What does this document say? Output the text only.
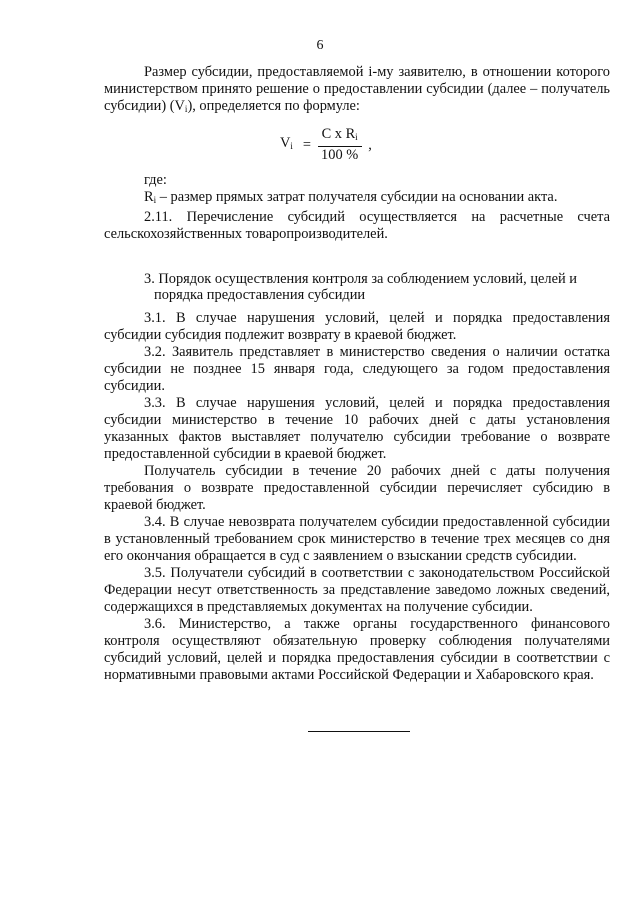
6

Размер субсидии, предоставляемой i-му заявителю, в отношении которого министерством принято решение о предоставлении субсидии (далее – получатель субсидии) $(V_i)$, определяется по формуле:

$V_i = \frac{C x R_i}{100 \%}$ ,

где:

$R_i$ – размер прямых затрат получателя субсидии на основании акта.

2.11. Перечисление субсидий осуществляется на расчетные счета сельскохозяйственных товаропроизводителей.

3. Порядок осуществления контроля за соблюдением условий, целей и
порядка предоставления субсидии

3.1. В случае нарушения условий, целей и порядка предоставления субсидии субсидия подлежит возврату в краевой бюджет.

3.2. Заявитель представляет в министерство сведения о наличии остатка субсидии не позднее 15 января года, следующего за годом предоставления субсидии.

3.3. В случае нарушения условий, целей и порядка предоставления субсидии министерство в течение 10 рабочих дней с даты установления указанных фактов выставляет получателю субсидии требование о возврате предоставленной субсидии в краевой бюджет.

Получатель субсидии в течение 20 рабочих дней с даты получения требования о возврате предоставленной субсидии перечисляет субсидию в краевой бюджет.

3.4. В случае невозврата получателем субсидии предоставленной субсидии в установленный требованием срок министерство в течение трех месяцев со дня его окончания обращается в суд с заявлением о взыскании средств субсидии.

3.5. Получатели субсидий в соответствии с законодательством Российской Федерации несут ответственность за представление заведомо ложных сведений, содержащихся в представляемых документах на получение субсидии.

3.6. Министерство, а также органы государственного финансового контроля осуществляют обязательную проверку соблюдения получателями субсидий условий, целей и порядка предоставления субсидии в соответствии с нормативными правовыми актами Российской Федерации и Хабаровского края.
